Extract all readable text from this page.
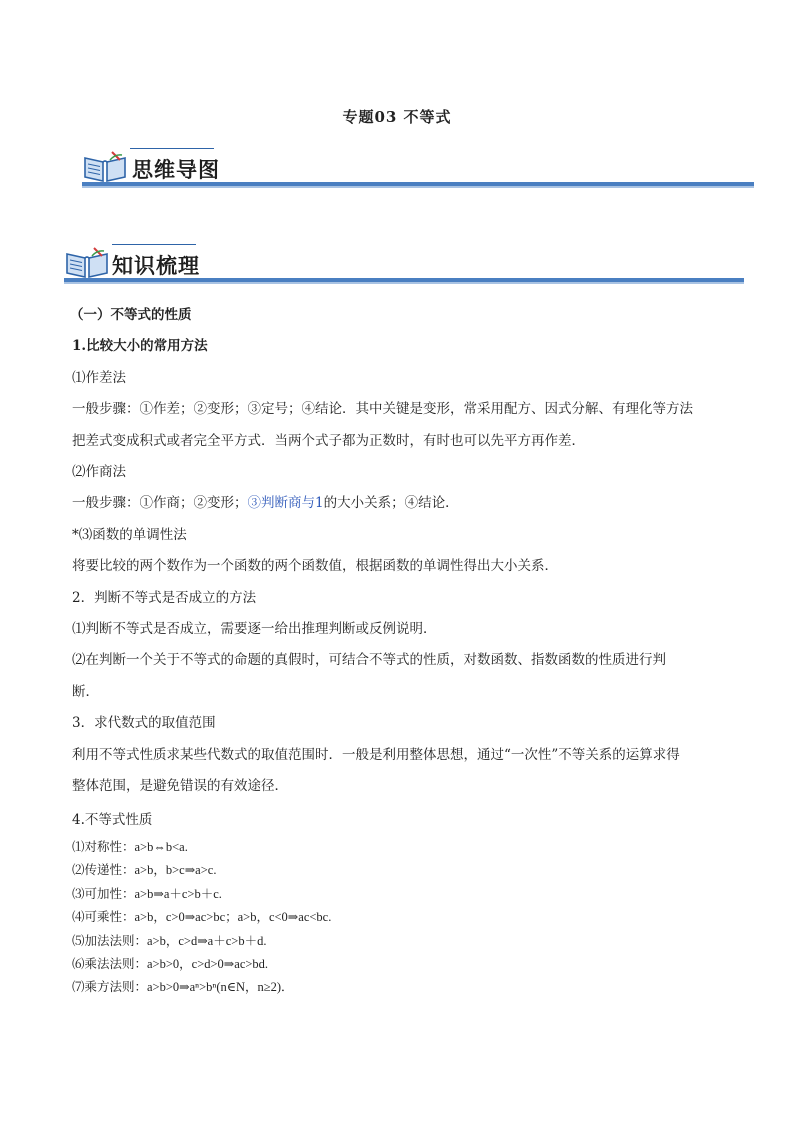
专题03 不等式
思维导图
知识梳理
（一）不等式的性质
1.比较大小的常用方法
⑴作差法
一般步骤：①作差；②变形；③定号；④结论．其中关键是变形，常采用配方、因式分解、有理化等方法
把差式变成积式或者完全平方式．当两个式子都为正数时，有时也可以先平方再作差．
⑵作商法
一般步骤：①作商；②变形；③判断商与1的大小关系；④结论．
*⑶函数的单调性法
将要比较的两个数作为一个函数的两个函数值，根据函数的单调性得出大小关系．
2．判断不等式是否成立的方法
⑴判断不等式是否成立，需要逐一给出推理判断或反例说明．
⑵在判断一个关于不等式的命题的真假时，可结合不等式的性质，对数函数、指数函数的性质进行判
断．
3．求代数式的取值范围
利用不等式性质求某些代数式的取值范围时．一般是利用整体思想，通过“一次性”不等关系的运算求得
整体范围，是避免错误的有效途径．
4.不等式性质
⑴对称性：a>b⇔b<a.
⑵传递性：a>b，b>c⇒a>c.
⑶可加性：a>b⇒a＋c>b＋c.
⑷可乘性：a>b，c>0⇒ac>bc；a>b，c<0⇒ac<bc.
⑸加法法则：a>b，c>d⇒a＋c>b＋d.
⑹乘法法则：a>b>0，c>d>0⇒ac>bd.
⑺乘方法则：a>b>0⇒aⁿ>bⁿ(n∈N，n≥2)．
